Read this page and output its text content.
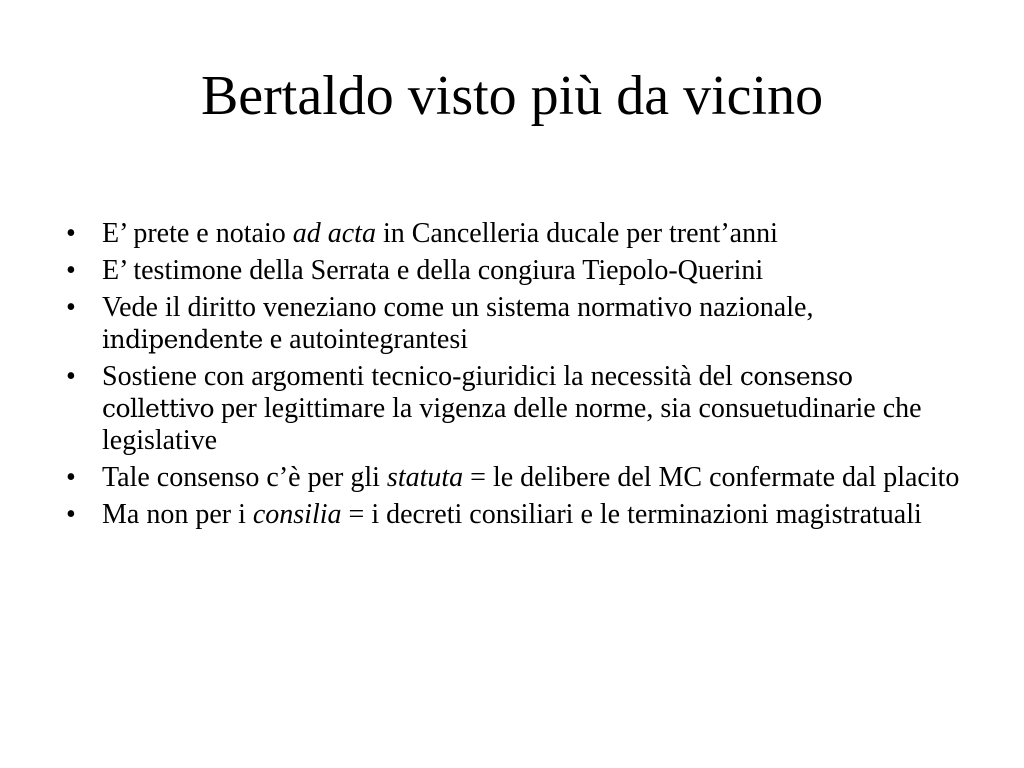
Bertaldo visto più da vicino
• E’ prete e notaio ad acta in Cancelleria ducale per trent’anni
• E’ testimone della Serrata e della congiura Tiepolo-Querini
• Vede il diritto veneziano come un sistema normativo nazionale, indipendente e autointegrantesi
• Sostiene con argomenti tecnico-giuridici la necessità del consenso collettivo per legittimare la vigenza delle norme, sia consuetudinarie che legislative
• Tale consenso c’è per gli statuta = le delibere del MC confermate dal placito
• Ma non per i consilia = i decreti consiliari e le terminazioni magistratuali
